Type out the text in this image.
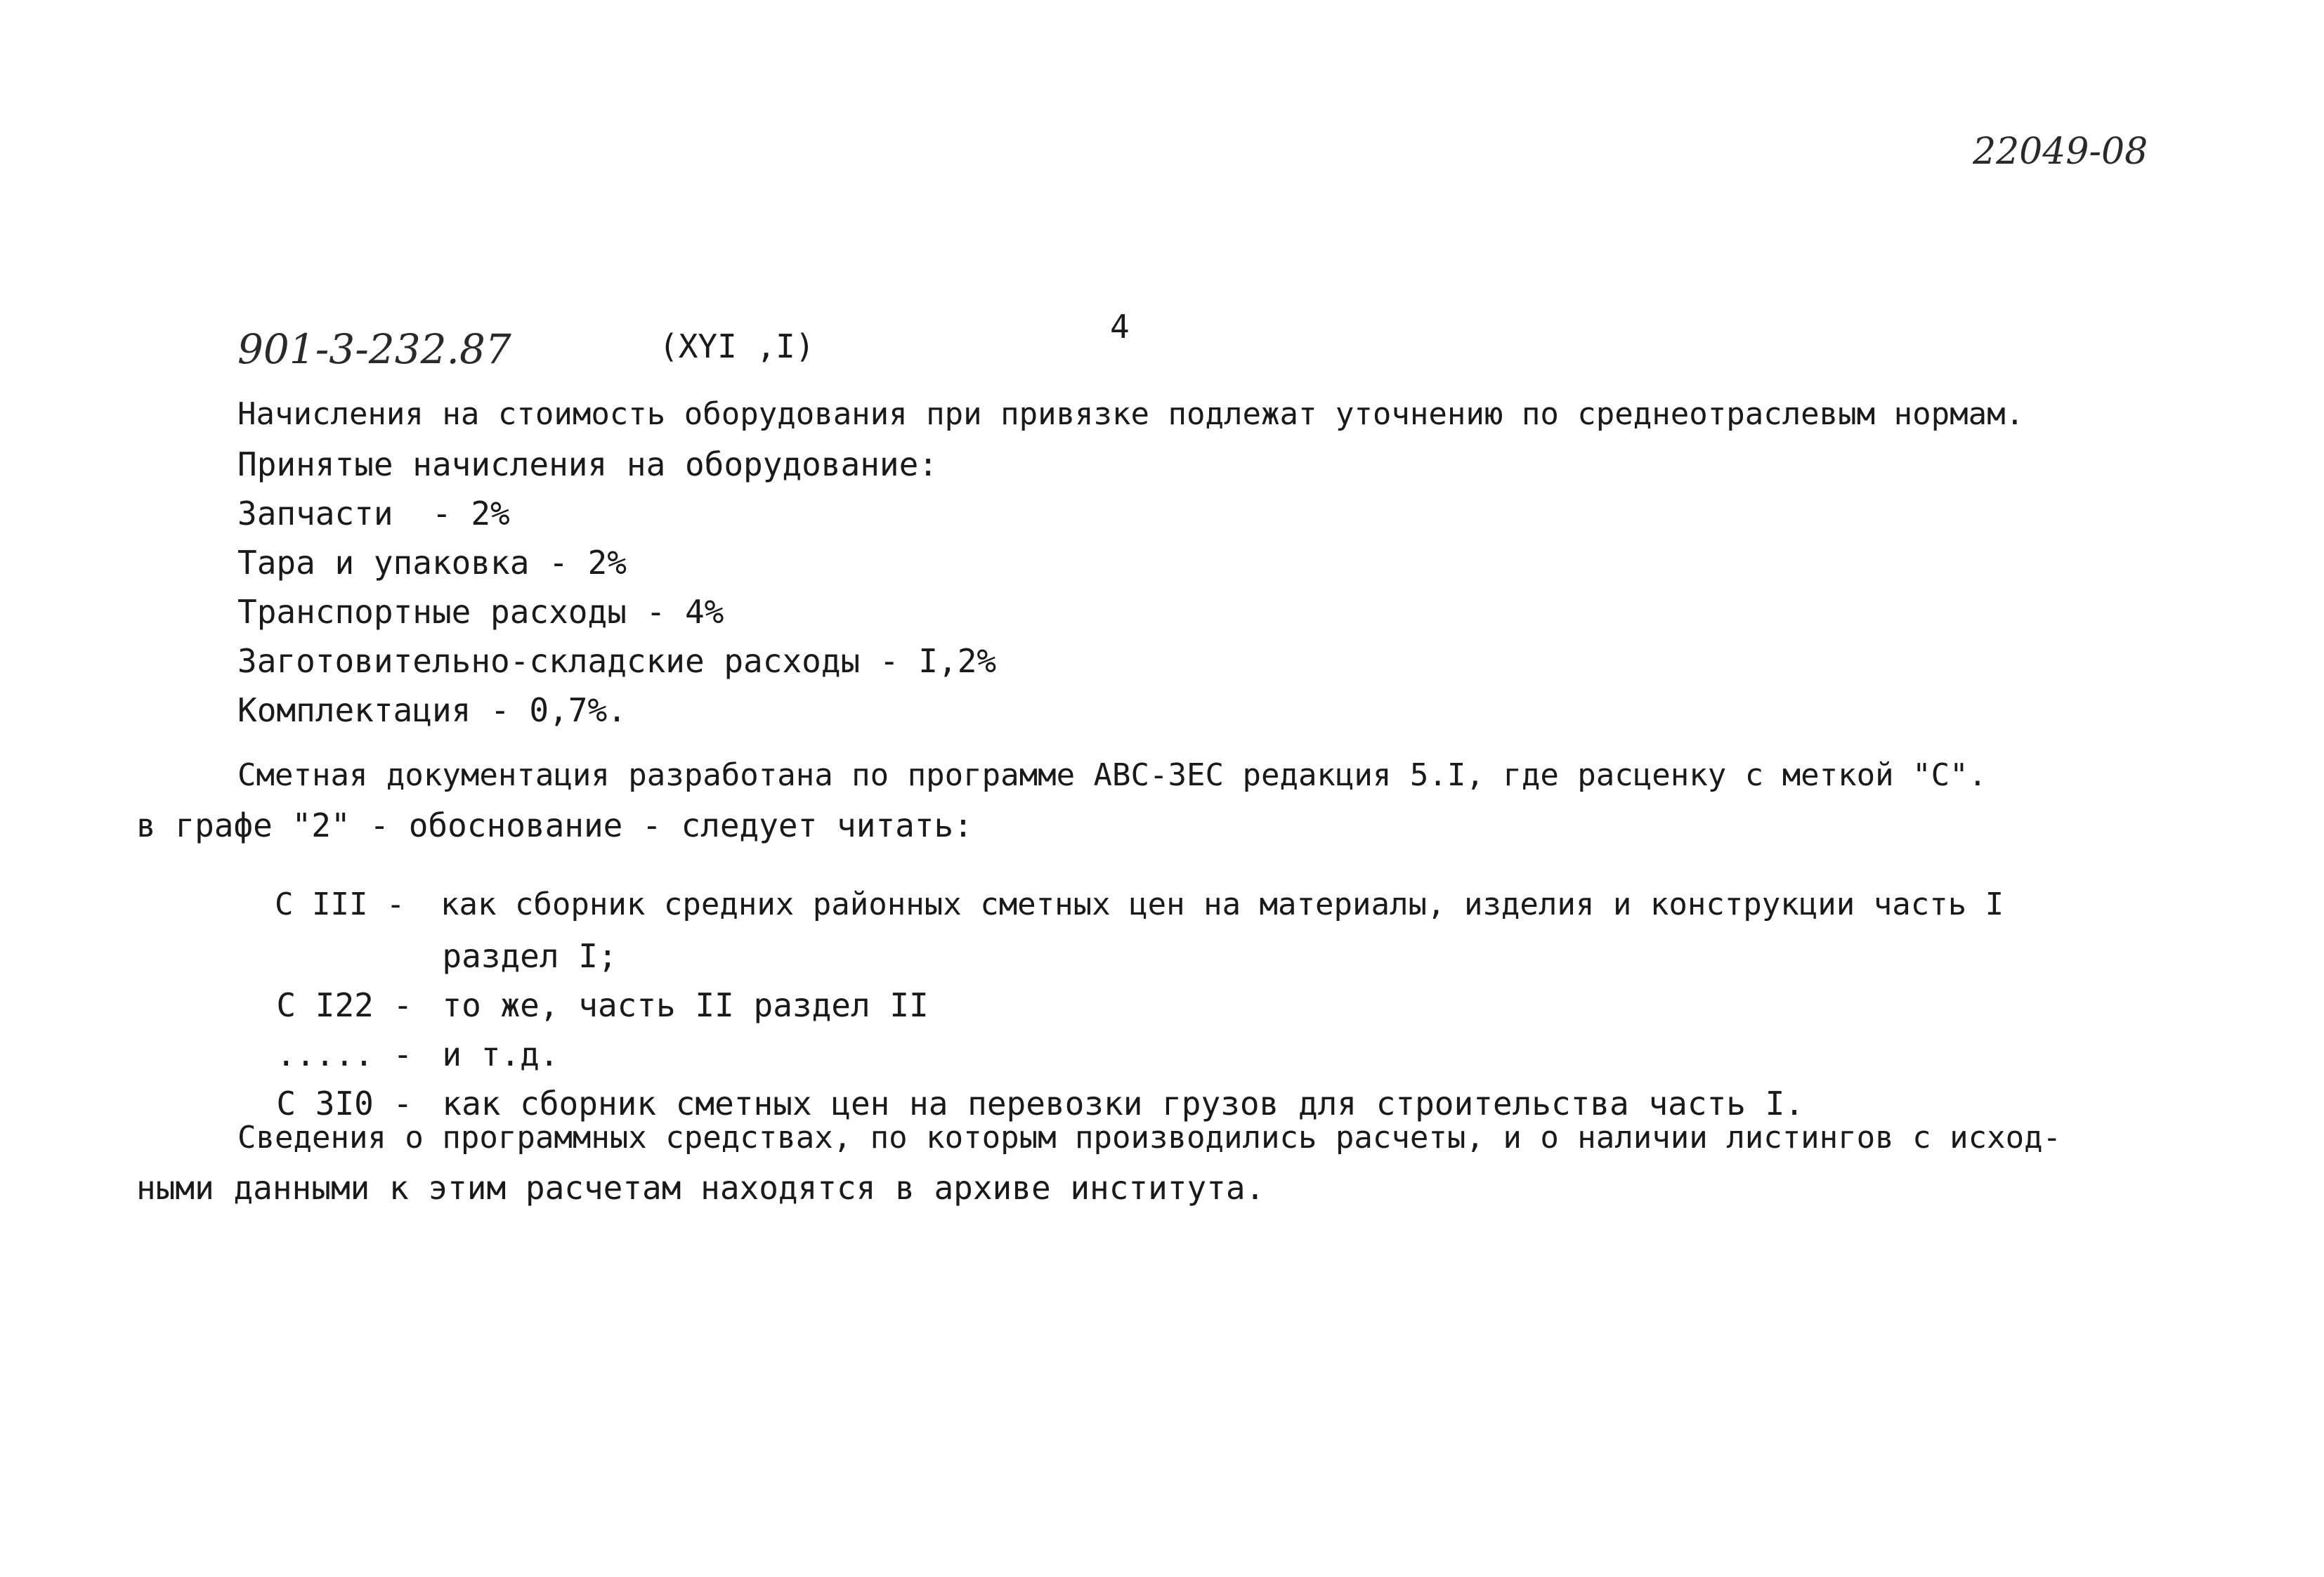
22049-08
901-3-232.87	(XYI ,I)
4
Начисления на стоимость оборудования при привязке подлежат уточнению по среднеотраслевым нормам.
Принятые начисления на оборудование:
Запчасти  - 2%
Тара и упаковка - 2%
Транспортные расходы - 4%
Заготовительно-складские расходы - I,2%
Комплектация - 0,7%.
Сметная документация разработана по программе АВС-ЗЕС редакция 5.I, где расценку с меткой "С".
в графе "2" - обоснование - следует читать:

С III - как сборник средних районных сметных цен на материалы, изделия и конструкции часть I

раздел I;

С I22 - то же, часть II раздел II

..... - и т.д.

С 3I0 - как сборник сметных цен на перевозки грузов для строительства часть I.

Сведения о программных средствах, по которым производились расчеты, и о наличии листингов с исход-
ными данными к этим расчетам находятся в архиве института.
